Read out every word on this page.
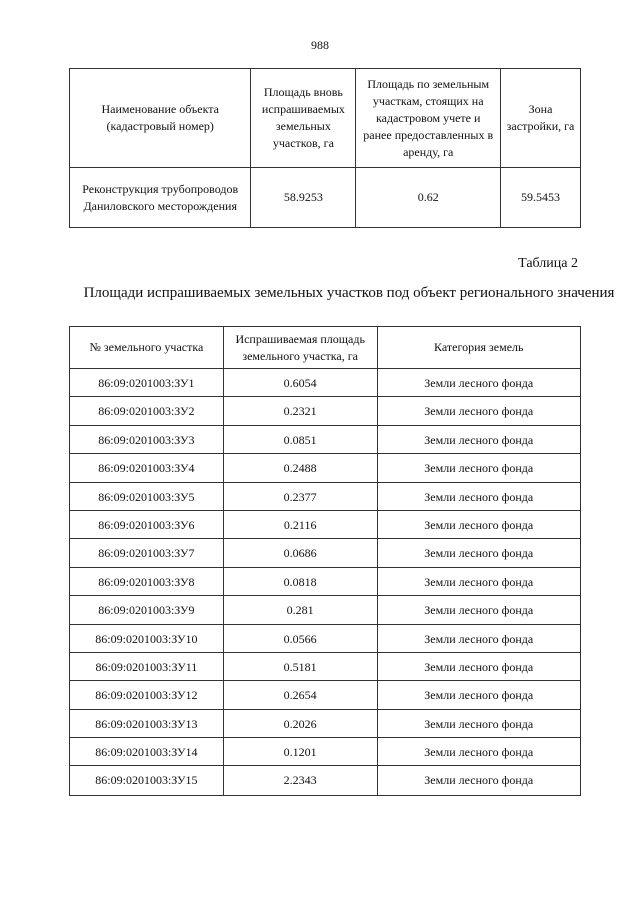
988
Наименование объекта (кадастровый номер)	Площадь вновь испрашиваемых земельных участков, га	Площадь по земельным участкам, стоящих на кадастровом учете и ранее предоставленных в аренду, га	Зона застройки, га
Реконструкция трубопроводов Даниловского месторождения	58.9253	0.62	59.5453
Таблица 2
Площади испрашиваемых земельных участков под объект регионального значения
№ земельного участка	Испрашиваемая площадь земельного участка, га	Категория земель
86:09:0201003:ЗУ1	0.6054	Земли лесного фонда
86:09:0201003:ЗУ2	0.2321	Земли лесного фонда
86:09:0201003:ЗУ3	0.0851	Земли лесного фонда
86:09:0201003:ЗУ4	0.2488	Земли лесного фонда
86:09:0201003:ЗУ5	0.2377	Земли лесного фонда
86:09:0201003:ЗУ6	0.2116	Земли лесного фонда
86:09:0201003:ЗУ7	0.0686	Земли лесного фонда
86:09:0201003:ЗУ8	0.0818	Земли лесного фонда
86:09:0201003:ЗУ9	0.281	Земли лесного фонда
86:09:0201003:ЗУ10	0.0566	Земли лесного фонда
86:09:0201003:ЗУ11	0.5181	Земли лесного фонда
86:09:0201003:ЗУ12	0.2654	Земли лесного фонда
86:09:0201003:ЗУ13	0.2026	Земли лесного фонда
86:09:0201003:ЗУ14	0.1201	Земли лесного фонда
86:09:0201003:ЗУ15	2.2343	Земли лесного фонда
